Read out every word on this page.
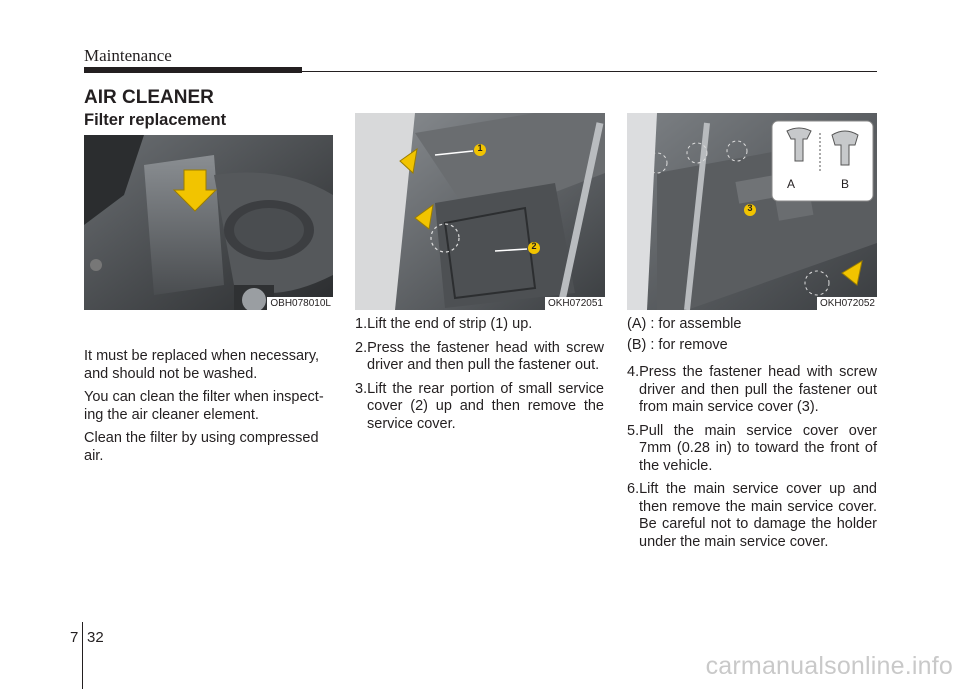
Maintenance
AIR CLEANER
Filter replacement
OBH078010L
1
2
OKH072051
3
A	B
OKH072052

It must be replaced when necessary, and should not be washed.

You can clean the filter when inspect-ing the air cleaner element.

Clean the filter by using compressed air.

1.Lift the end of strip (1) up.

2.Press the fastener head with screw driver and then pull the fastener out.

3.Lift the rear portion of small service cover (2) up and then remove the service cover.

(A) : for assemble

(B) : for remove

4.Press the fastener head with screw driver and then pull the fastener out from main service cover (3).

5.Pull the main service cover over 7mm (0.28 in) to toward the front of the vehicle.

6.Lift the main service cover up and then remove the main service cover. Be careful not to damage the holder under the main service cover.

7 32
carmanualsonline.info
